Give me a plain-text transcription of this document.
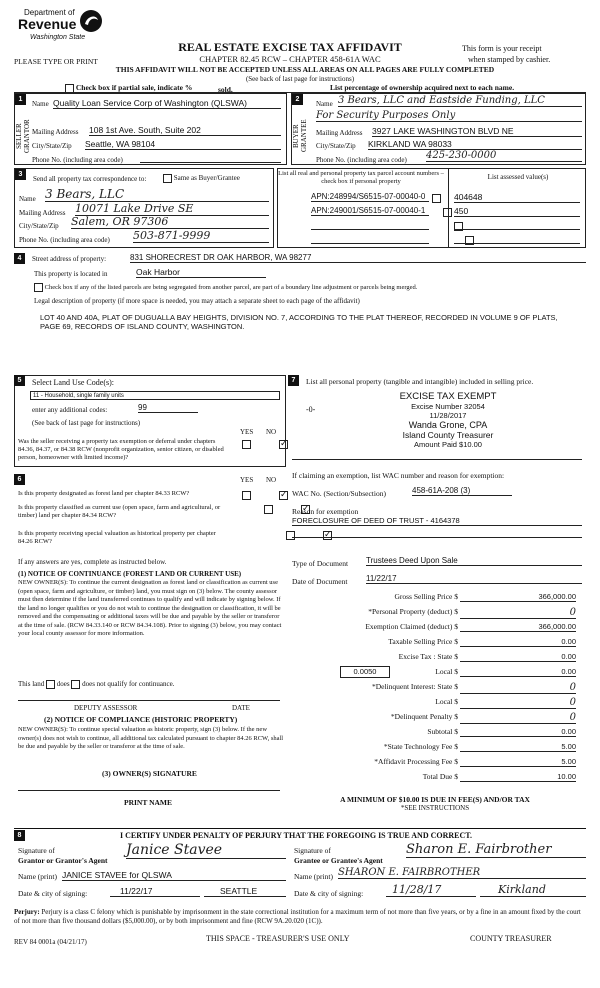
Department of
Revenue
Washington State
PLEASE TYPE OR PRINT
REAL ESTATE EXCISE TAX AFFIDAVIT
CHAPTER 82.45 RCW – CHAPTER 458-61A WAC
This form is your receipt
when stamped by cashier.
THIS AFFIDAVIT WILL NOT BE ACCEPTED UNLESS ALL AREAS ON ALL PAGES ARE FULLY COMPLETED
(See back of last page for instructions)
Check box if partial sale, indicate %	sold.	List percentage of ownership acquired next to each name.
1
SELLER GRANTOR
Name Quality Loan Service Corp of Washington (QLSWA)
Mailing Address 108 1st Ave. South, Suite 202
City/State/Zip Seattle, WA 98104
Phone No. (including area code)
2
BUYER GRANTEE
Name 3 Bears, LLC and Eastside Funding, LLC
For Security Purposes Only
Mailing Address 3927 LAKE WASHINGTON BLVD NE
City/State/Zip KIRKLAND WA 98033
Phone No. (including area code) 425-230-0000
3
Send all property tax correspondence to:	Same as Buyer/Grantee
Name 3 Bears, LLC
Mailing Address 10071 Lake Drive SE
City/State/Zip Salem, OR 97306
Phone No. (including area code) 503-871-9999
List all real and personal property tax parcel account numbers – check box if personal property
List assessed value(s)
APN:248994/S6515-07-00040-0
	404648
APN:249001/S6515-07-00040-1
	450

4	Street address of property:	831 SHORECREST DR OAK HARBOR, WA 98277
This property is located in	Oak Harbor
Check box if any of the listed parcels are being segregated from another parcel, are part of a boundary line adjustment or parcels being merged.
Legal description of property (if more space is needed, you may attach a separate sheet to each page of the affidavit)
LOT 40 AND 40A, PLAT OF DUGUALLA BAY HEIGHTS, DIVISION NO. 7, ACCORDING TO THE PLAT THEREOF, RECORDED IN VOLUME 9 OF PLATS, PAGE 69, RECORDS OF ISLAND COUNTY, WASHINGTON.
5	Select Land Use Code(s):
11 - Household, single family units
enter any additional codes:	99
(See back of last page for instructions)
YES NO
Was the seller receiving a property tax exemption or deferral under chapters 84.36, 84.37, or 84.38 RCW (nonprofit organization, senior citizen, or disabled person, homeowner with limited income)?
✓
6	YES NO
Is this property designated as forest land per chapter 84.33 RCW?
✓
Is this property classified as current use (open space, farm and agricultural, or timber) land per chapter 84.34 RCW?
✓
Is this property receiving special valuation as historical property per chapter 84.26 RCW?
✓
If any answers are yes, complete as instructed below.
(1) NOTICE OF CONTINUANCE (FOREST LAND OR CURRENT USE)
NEW OWNER(S): To continue the current designation as forest land or classification as current use (open space, farm and agriculture, or timber) land, you must sign on (3) below. The county assessor must then determine if the land transferred continues to qualify and will indicate by signing below. If the land no longer qualifies or you do not wish to continue the designation or classification, it will be removed and the compensating or additional taxes will be due and payable by the seller or transferor at the time of sale. (RCW 84.33.140 or RCW 84.34.108). Prior to signing (3) below, you may contact your local county assessor for more information.
This land does does not qualify for continuance.
DEPUTY ASSESSOR	DATE
(2) NOTICE OF COMPLIANCE (HISTORIC PROPERTY)
NEW OWNER(S): To continue special valuation as historic property, sign (3) below. If the new owner(s) does not wish to continue, all additional tax calculated pursuant to chapter 84.26 RCW, shall be due and payable by the seller or transferor at the time of sale.
(3) OWNER(S) SIGNATURE
PRINT NAME
7	List all personal property (tangible and intangible) included in selling price.
-0-
EXCISE TAX EXEMPT
Excise Number 32054
11/28/2017
Wanda Grone, CPA
Island County Treasurer
Amount Paid $10.00
If claiming an exemption, list WAC number and reason for exemption:
WAC No. (Section/Subsection)	458-61A-208 (3)
Reason for exemption
FORECLOSURE OF DEED OF TRUST - 4164378
Type of Document Trustees Deed Upon Sale
Date of Document 11/22/17
Gross Selling Price $	366,000.00
*Personal Property (deduct) $	0
Exemption Claimed (deduct) $	366,000.00
Taxable Selling Price $	0.00
Excise Tax : State $	0.00
0.0050	Local $	0.00
*Delinquent Interest: State $	0
Local $	0
*Delinquent Penalty $	0
Subtotal $	0.00
*State Technology Fee $	5.00
*Affidavit Processing Fee $	5.00
Total Due $	10.00
A MINIMUM OF $10.00 IS DUE IN FEE(S) AND/OR TAX
*SEE INSTRUCTIONS
8	I CERTIFY UNDER PENALTY OF PERJURY THAT THE FOREGOING IS TRUE AND CORRECT.
Signature of
Grantor or Grantor's Agent
Janice Stavee
Name (print) JANICE STAVEE for QLSWA
Date & city of signing:	11/22/17	SEATTLE
Signature of
Grantee or Grantee's Agent
Sharon E. Fairbrother
Name (print) SHARON E. FAIRBROTHER
Date & city of signing:	11/28/17	Kirkland
Perjury: Perjury is a class C felony which is punishable by imprisonment in the state correctional institution for a maximum term of not more than five years, or by a fine in an amount fixed by the court of not more than five thousand dollars ($5,000.00), or by both imprisonment and fine (RCW 9A.20.020 (1C)).
REV 84 0001a (04/21/17)	THIS SPACE - TREASURER'S USE ONLY	COUNTY TREASURER
